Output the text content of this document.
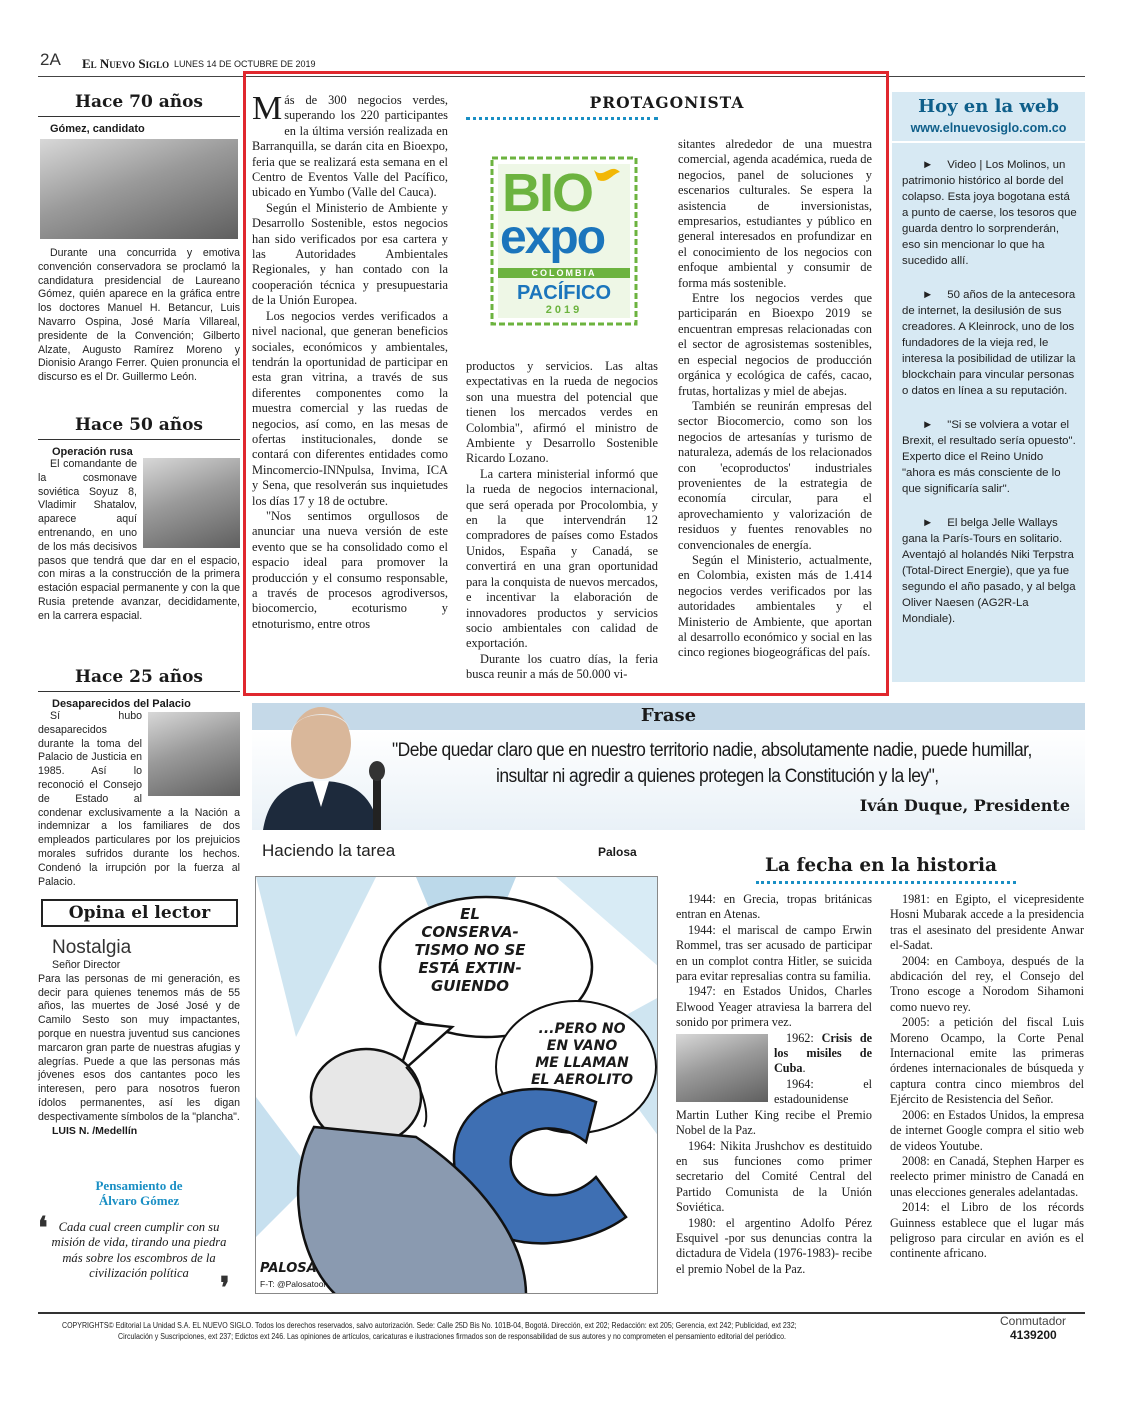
2A El Nuevo Siglo LUNES 14 DE OCTUBRE DE 2019
Hace 70 años
Gómez, candidato
Durante una concurrida y emotiva convención conservadora se proclamó la candidatura presidencial de Laureano Gómez, quién aparece en la gráfica entre los doctores Manuel H. Betancur, Luis Navarro Ospina, José María Villareal, presidente de la Convención; Gilberto Alzate, Augusto Ramírez Moreno y Dionisio Arango Ferrer. Quien pronuncia el discurso es el Dr. Guillermo León.
Hace 50 años
Operación rusa
El comandante de la cosmonave soviética Soyuz 8, Vladimir Shatalov, aparece aquí entrenando, en uno de los más decisivos pasos que tendrá que dar en el espacio, con miras a la construcción de la primera estación espacial permanente y con la que Rusia pretende avanzar, decididamente, en la carrera espacial.
Hace 25 años
Desaparecidos del Palacio
Sí hubo desaparecidos durante la toma del Palacio de Justicia en 1985. Así lo reconoció el Consejo de Estado al condenar exclusivamente a la Nación a indemnizar a los familiares de dos empleados particulares por los prejuicios morales sufridos durante los hechos. Condenó la irrupción por la fuerza al Palacio.
Opina el lector
Nostalgia
Señor Director
Para las personas de mi generación, es decir para quienes tenemos más de 55 años, las muertes de José José y de Camilo Sesto son muy impactantes, porque en nuestra juventud sus canciones marcaron gran parte de nuestras afugias y alegrías. Puede a que las personas más jóvenes esos dos cantantes poco les interesen, pero para nosotros fueron ídolos permanentes, así les digan despectivamente símbolos de la "plancha".
LUIS N. /Medellín
Pensamiento de
Álvaro Gómez
❛ Cada cual creen cumplir con su misión de vida, tirando una piedra más sobre los escombros de la civilización política	❜

Más de 300 negocios verdes, superando los 220 participantes en la última versión realizada en Barranquilla, se darán cita en Bioexpo, feria que se realizará esta semana en el Centro de Eventos Valle del Pacífico, ubicado en Yumbo (Valle del Cauca).

Según el Ministerio de Ambiente y Desarrollo Sostenible, estos negocios han sido verificados por esa cartera y las Autoridades Ambientales Regionales, y han contado con la cooperación técnica y presupuestaria de la Unión Europea.

Los negocios verdes verificados a nivel nacional, que generan beneficios sociales, económicos y ambientales, tendrán la oportunidad de participar en esta gran vitrina, a través de sus diferentes componentes como la muestra comercial y las ruedas de negocios, así como, en las mesas de ofertas institucionales, donde se contará con diferentes entidades como Mincomercio-INNpulsa, Invima, ICA y Sena, que resolverán sus inquietudes los días 17 y 18 de octubre.

"Nos sentimos orgullosos de anunciar una nueva versión de este evento que se ha consolidado como el espacio ideal para promover la producción y el consumo responsable, a través de procesos agrodiversos, biocomercio, ecoturismo y etnoturismo, entre otros

PROTAGONISTA
BIO
expo
COLOMBIA
PACÍFICO
2019

productos y servicios. Las altas expectativas en la rueda de negocios son una muestra del potencial que tienen los mercados verdes en Colombia", afirmó el ministro de Ambiente y Desarrollo Sostenible Ricardo Lozano.

La cartera ministerial informó que la rueda de negocios internacional, que será operada por Procolombia, y en la que intervendrán 12 compradores de países como Estados Unidos, España y Canadá, se convertirá en una gran oportunidad para la conquista de nuevos mercados, e incentivar la elaboración de innovadores productos y servicios socio ambientales con calidad de exportación.

Durante los cuatro días, la feria busca reunir a más de 50.000 vi-

sitantes alrededor de una muestra comercial, agenda académica, rueda de negocios, panel de soluciones y escenarios culturales. Se espera la asistencia de inversionistas, empresarios, estudiantes y público en general interesados en profundizar en el conocimiento de los negocios con enfoque ambiental y consumir de forma más sostenible.

Entre los negocios verdes que participarán en Bioexpo 2019 se encuentran empresas relacionadas con el sector de agrosistemas sostenibles, en especial negocios de producción orgánica y ecológica de cafés, cacao, frutas, hortalizas y miel de abejas.

También se reunirán empresas del sector Biocomercio, como son los negocios de artesanías y turismo de naturaleza, además de los relacionados con 'ecoproductos' industriales provenientes de la estrategia de economía circular, para el aprovechamiento y valorización de residuos y fuentes renovables no convencionales de energía.

Según el Ministerio, actualmente, en Colombia, existen más de 1.414 negocios verdes verificados por las autoridades ambientales y el Ministerio de Ambiente, que aportan al desarrollo económico y social en las cinco regiones biogeográficas del país.

Hoy en la web
www.elnuevosiglo.com.co
► Video | Los Molinos, un patrimonio histórico al borde del colapso. Esta joya bogotana está a punto de caerse, los tesoros que guarda dentro lo sorprenderán, eso sin mencionar lo que ha sucedido allí.
► 50 años de la antecesora de internet, la desilusión de sus creadores. A Kleinrock, uno de los fundadores de la vieja red, le interesa la posibilidad de utilizar la blockchain para vincular personas o datos en línea a su reputación.
► "Si se volviera a votar el Brexit, el resultado sería opuesto". Experto dice el Reino Unido "ahora es más consciente de lo que significaría salir".
► El belga Jelle Wallays gana la París-Tours en solitario. Aventajó al holandés Niki Terpstra (Total-Direct Energie), que ya fue segundo el año pasado, y al belga Oliver Naesen (AG2R-La Mondiale).
Frase
"Debe quedar claro que en nuestro territorio nadie, absolutamente nadie, puede humillar,
insultar ni agredir a quienes protegen la Constitución y la ley",
Iván Duque, Presidente
Haciendo la tarea	Palosa
EL
CONSERVA-
TISMO NO SE
ESTÁ EXTIN-
GUIENDO
...PERO NO
EN VANO
ME LLAMAN
EL AEROLITO
PALOSA
F-T: @Palosatoon
La fecha en la historia

1944: en Grecia, tropas británicas entran en Atenas.

1944: el mariscal de campo Erwin Rommel, tras ser acusado de participar en un complot contra Hitler, se suicida para evitar represalias contra su familia.

1947: en Estados Unidos, Charles Elwood Yeager atraviesa la barrera del sonido por primera vez.

1962: Crisis de los misiles de Cuba.

1964: el estadounidense Martin Luther King recibe el Premio Nobel de la Paz.

1964: Nikita Jrushchov es destituido en sus funciones como primer secretario del Comité Central del Partido Comunista de la Unión Soviética.

1980: el argentino Adolfo Pérez Esquivel -por sus denuncias contra la dictadura de Videla (1976-1983)- recibe el premio Nobel de la Paz.

1981: en Egipto, el vicepresidente Hosni Mubarak accede a la presidencia tras el asesinato del presidente Anwar el-Sadat.

2004: en Camboya, después de la abdicación del rey, el Consejo del Trono escoge a Norodom Sihamoni como nuevo rey.

2005: a petición del fiscal Luis Moreno Ocampo, la Corte Penal Internacional emite las primeras órdenes internacionales de búsqueda y captura contra cinco miembros del Ejército de Resistencia del Señor.

2006: en Estados Unidos, la empresa de internet Google compra el sitio web de videos Youtube.

2008: en Canadá, Stephen Harper es reelecto primer ministro de Canadá en unas elecciones generales adelantadas.

2014: el Libro de los récords Guinness establece que el lugar más peligroso para circular en avión es el continente africano.

COPYRIGHTS© Editorial La Unidad S.A. EL NUEVO SIGLO. Todos los derechos reservados, salvo autorización. Sede: Calle 25D Bis No. 101B-04, Bogotá. Dirección, ext 202; Redacción: ext 205; Gerencia, ext 242; Publicidad, ext 232;
Circulación y Suscripciones, ext 237; Edictos ext 246. Las opiniones de artículos, caricaturas e ilustraciones firmados son de responsabilidad de sus autores y no comprometen el pensamiento editorial del periódico.
Conmutador
4139200
